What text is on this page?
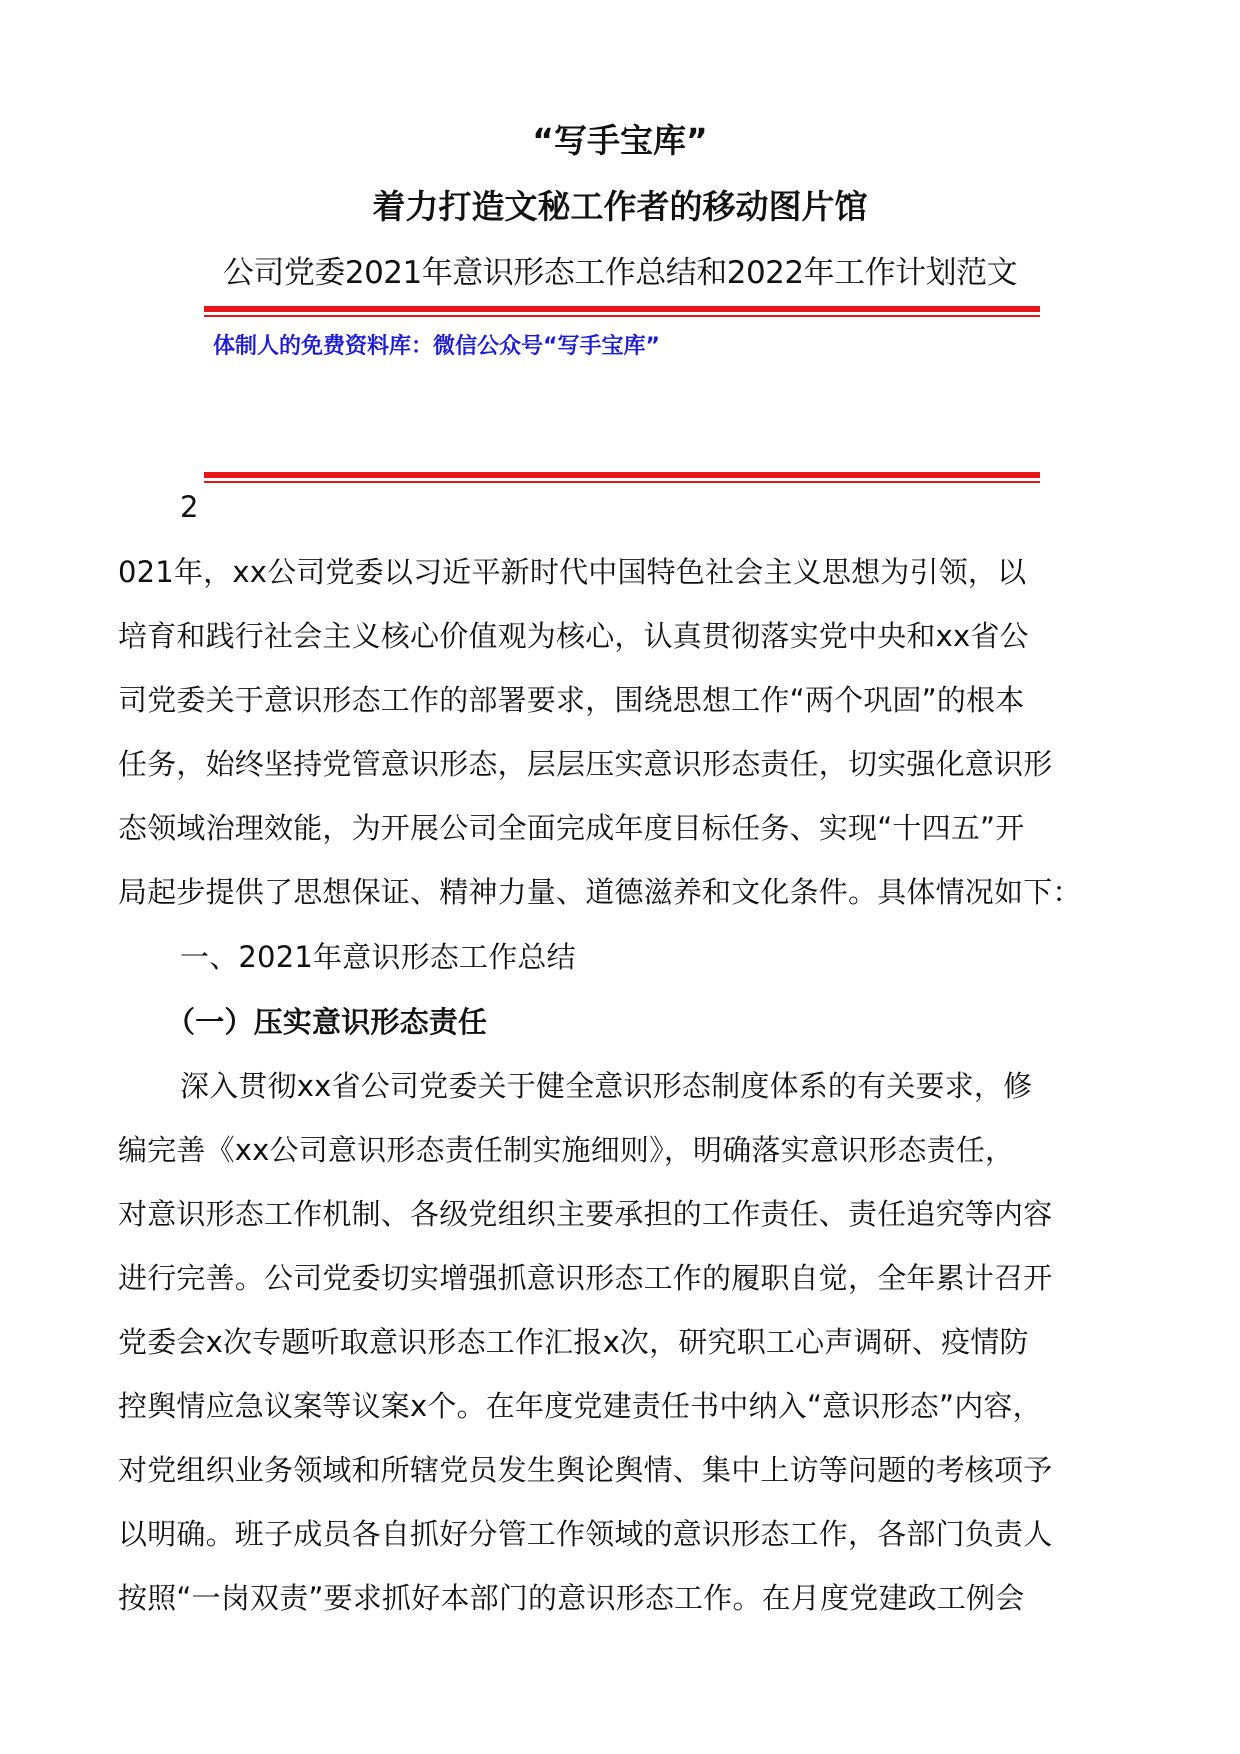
“写手宝库”

着力打造文秘工作者的移动图片馆

公司党委2021年意识形态工作总结和2022年工作计划范文

体制人的免费资料库：微信公众号“写手宝库”

2

021年，xx公司党委以习近平新时代中国特色社会主义思想为引领，以

培育和践行社会主义核心价值观为核心，认真贯彻落实党中央和xx省公

司党委关于意识形态工作的部署要求，围绕思想工作“两个巩固”的根本

任务，始终坚持党管意识形态，层层压实意识形态责任，切实强化意识形

态领域治理效能，为开展公司全面完成年度目标任务、实现“十四五”开

局起步提供了思想保证、精神力量、道德滋养和文化条件。具体情况如下：

一、2021年意识形态工作总结

（一）压实意识形态责任

深入贯彻xx省公司党委关于健全意识形态制度体系的有关要求，修

编完善《xx公司意识形态责任制实施细则》，明确落实意识形态责任，

对意识形态工作机制、各级党组织主要承担的工作责任、责任追究等内容

进行完善。公司党委切实增强抓意识形态工作的履职自觉，全年累计召开

党委会x次专题听取意识形态工作汇报x次，研究职工心声调研、疫情防

控舆情应急议案等议案x个。在年度党建责任书中纳入“意识形态”内容，

对党组织业务领域和所辖党员发生舆论舆情、集中上访等问题的考核项予

以明确。班子成员各自抓好分管工作领域的意识形态工作，各部门负责人

按照“一岗双责”要求抓好本部门的意识形态工作。在月度党建政工例会
